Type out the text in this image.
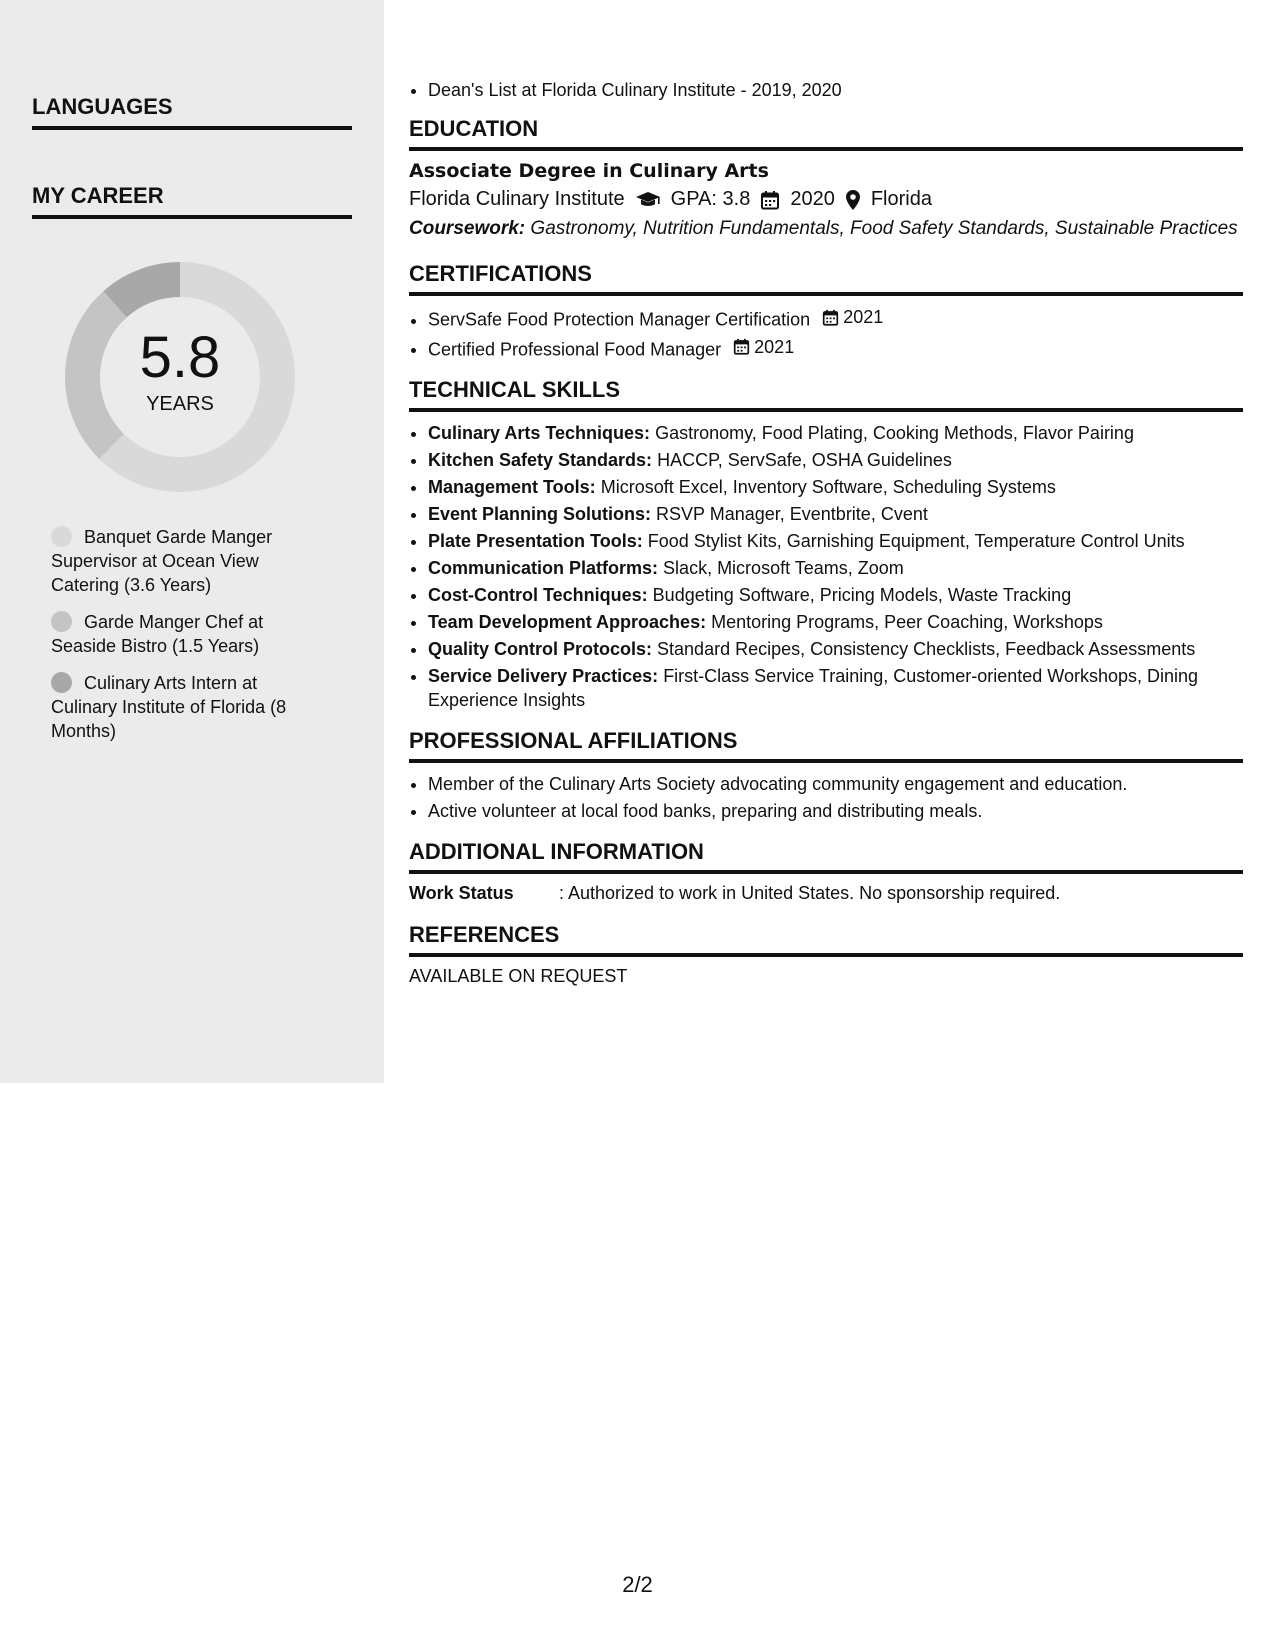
LANGUAGES
MY CAREER
5.8
YEARS
Banquet Garde Manger Supervisor at Ocean View Catering (3.6 Years)
Garde Manger Chef at Seaside Bistro (1.5 Years)
Culinary Arts Intern at Culinary Institute of Florida (8 Months)
• Dean's List at Florida Culinary Institute - 2019, 2020
EDUCATION
Associate Degree in Culinary Arts
Florida Culinary Institute GPA: 3.8 2020 Florida
Coursework: Gastronomy, Nutrition Fundamentals, Food Safety Standards, Sustainable Practices
CERTIFICATIONS
• ServSafe Food Protection Manager Certification 2021
• Certified Professional Food Manager 2021
TECHNICAL SKILLS
• Culinary Arts Techniques: Gastronomy, Food Plating, Cooking Methods, Flavor Pairing
• Kitchen Safety Standards: HACCP, ServSafe, OSHA Guidelines
• Management Tools: Microsoft Excel, Inventory Software, Scheduling Systems
• Event Planning Solutions: RSVP Manager, Eventbrite, Cvent
• Plate Presentation Tools: Food Stylist Kits, Garnishing Equipment, Temperature Control Units
• Communication Platforms: Slack, Microsoft Teams, Zoom
• Cost-Control Techniques: Budgeting Software, Pricing Models, Waste Tracking
• Team Development Approaches: Mentoring Programs, Peer Coaching, Workshops
• Quality Control Protocols: Standard Recipes, Consistency Checklists, Feedback Assessments
• Service Delivery Practices: First-Class Service Training, Customer-oriented Workshops, Dining Experience Insights
PROFESSIONAL AFFILIATIONS
• Member of the Culinary Arts Society advocating community engagement and education.
• Active volunteer at local food banks, preparing and distributing meals.
ADDITIONAL INFORMATION
Work Status	: Authorized to work in United States. No sponsorship required.
REFERENCES
AVAILABLE ON REQUEST
2/2
